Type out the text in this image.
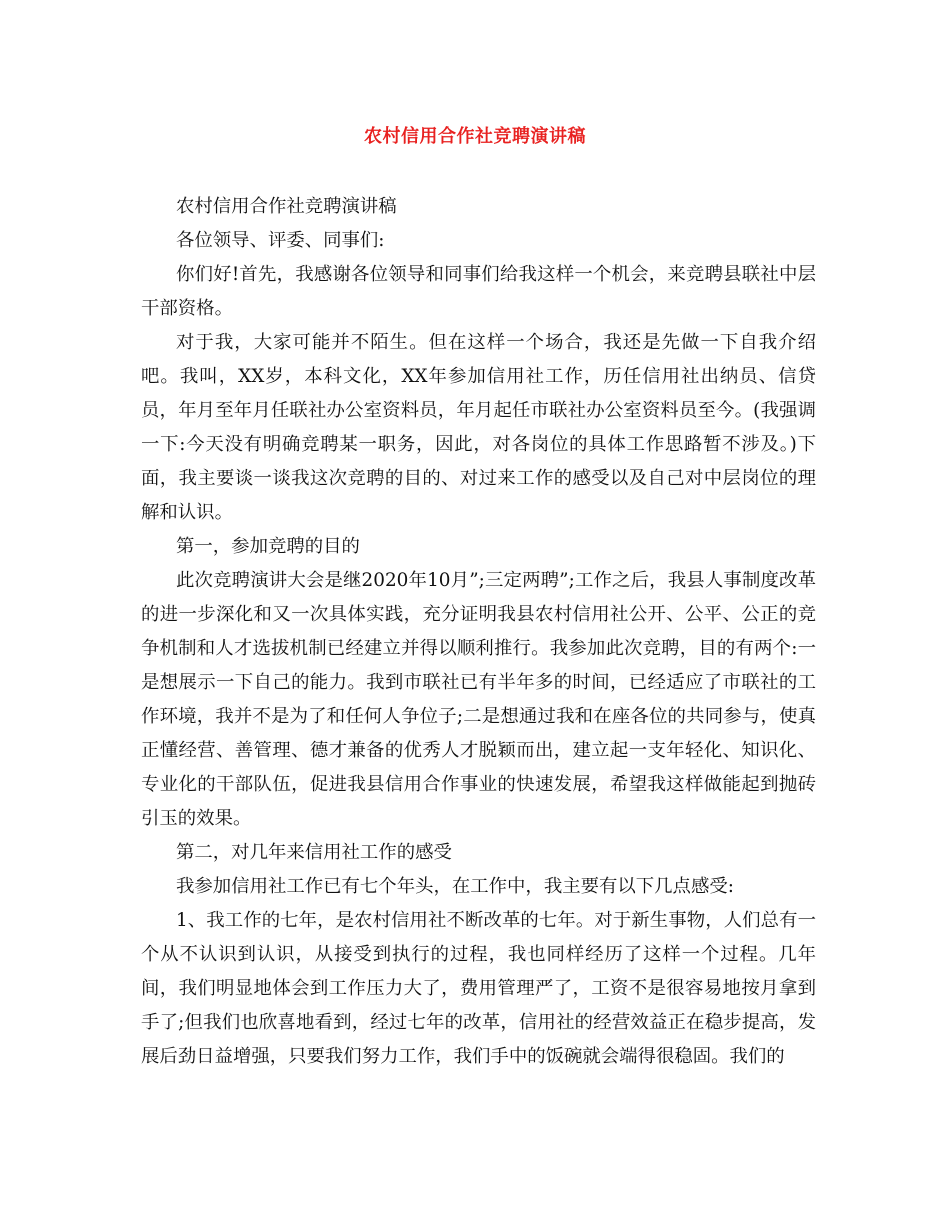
农村信用合作社竞聘演讲稿

农村信用合作社竞聘演讲稿

各位领导、评委、同事们:

你们好!首先，我感谢各位领导和同事们给我这样一个机会，来竞聘县联社中层干部资格。

对于我，大家可能并不陌生。但在这样一个场合，我还是先做一下自我介绍吧。我叫，XX岁，本科文化，XX年参加信用社工作，历任信用社出纳员、信贷员，年月至年月任联社办公室资料员，年月起任市联社办公室资料员至今。(我强调一下:今天没有明确竞聘某一职务，因此，对各岗位的具体工作思路暂不涉及。)下面，我主要谈一谈我这次竞聘的目的、对过来工作的感受以及自己对中层岗位的理解和认识。

第一，参加竞聘的目的

此次竞聘演讲大会是继2020年10月”;三定两聘”;工作之后，我县人事制度改革的进一步深化和又一次具体实践，充分证明我县农村信用社公开、公平、公正的竞争机制和人才选拔机制已经建立并得以顺利推行。我参加此次竞聘，目的有两个:一是想展示一下自己的能力。我到市联社已有半年多的时间，已经适应了市联社的工作环境，我并不是为了和任何人争位子;二是想通过我和在座各位的共同参与，使真正懂经营、善管理、德才兼备的优秀人才脱颖而出，建立起一支年轻化、知识化、专业化的干部队伍，促进我县信用合作事业的快速发展，希望我这样做能起到抛砖引玉的效果。

第二，对几年来信用社工作的感受

我参加信用社工作已有七个年头，在工作中，我主要有以下几点感受:

1、我工作的七年，是农村信用社不断改革的七年。对于新生事物，人们总有一个从不认识到认识，从接受到执行的过程，我也同样经历了这样一个过程。几年间，我们明显地体会到工作压力大了，费用管理严了，工资不是很容易地按月拿到手了;但我们也欣喜地看到，经过七年的改革，信用社的经营效益正在稳步提高，发展后劲日益增强，只要我们努力工作，我们手中的饭碗就会端得很稳固。我们的
